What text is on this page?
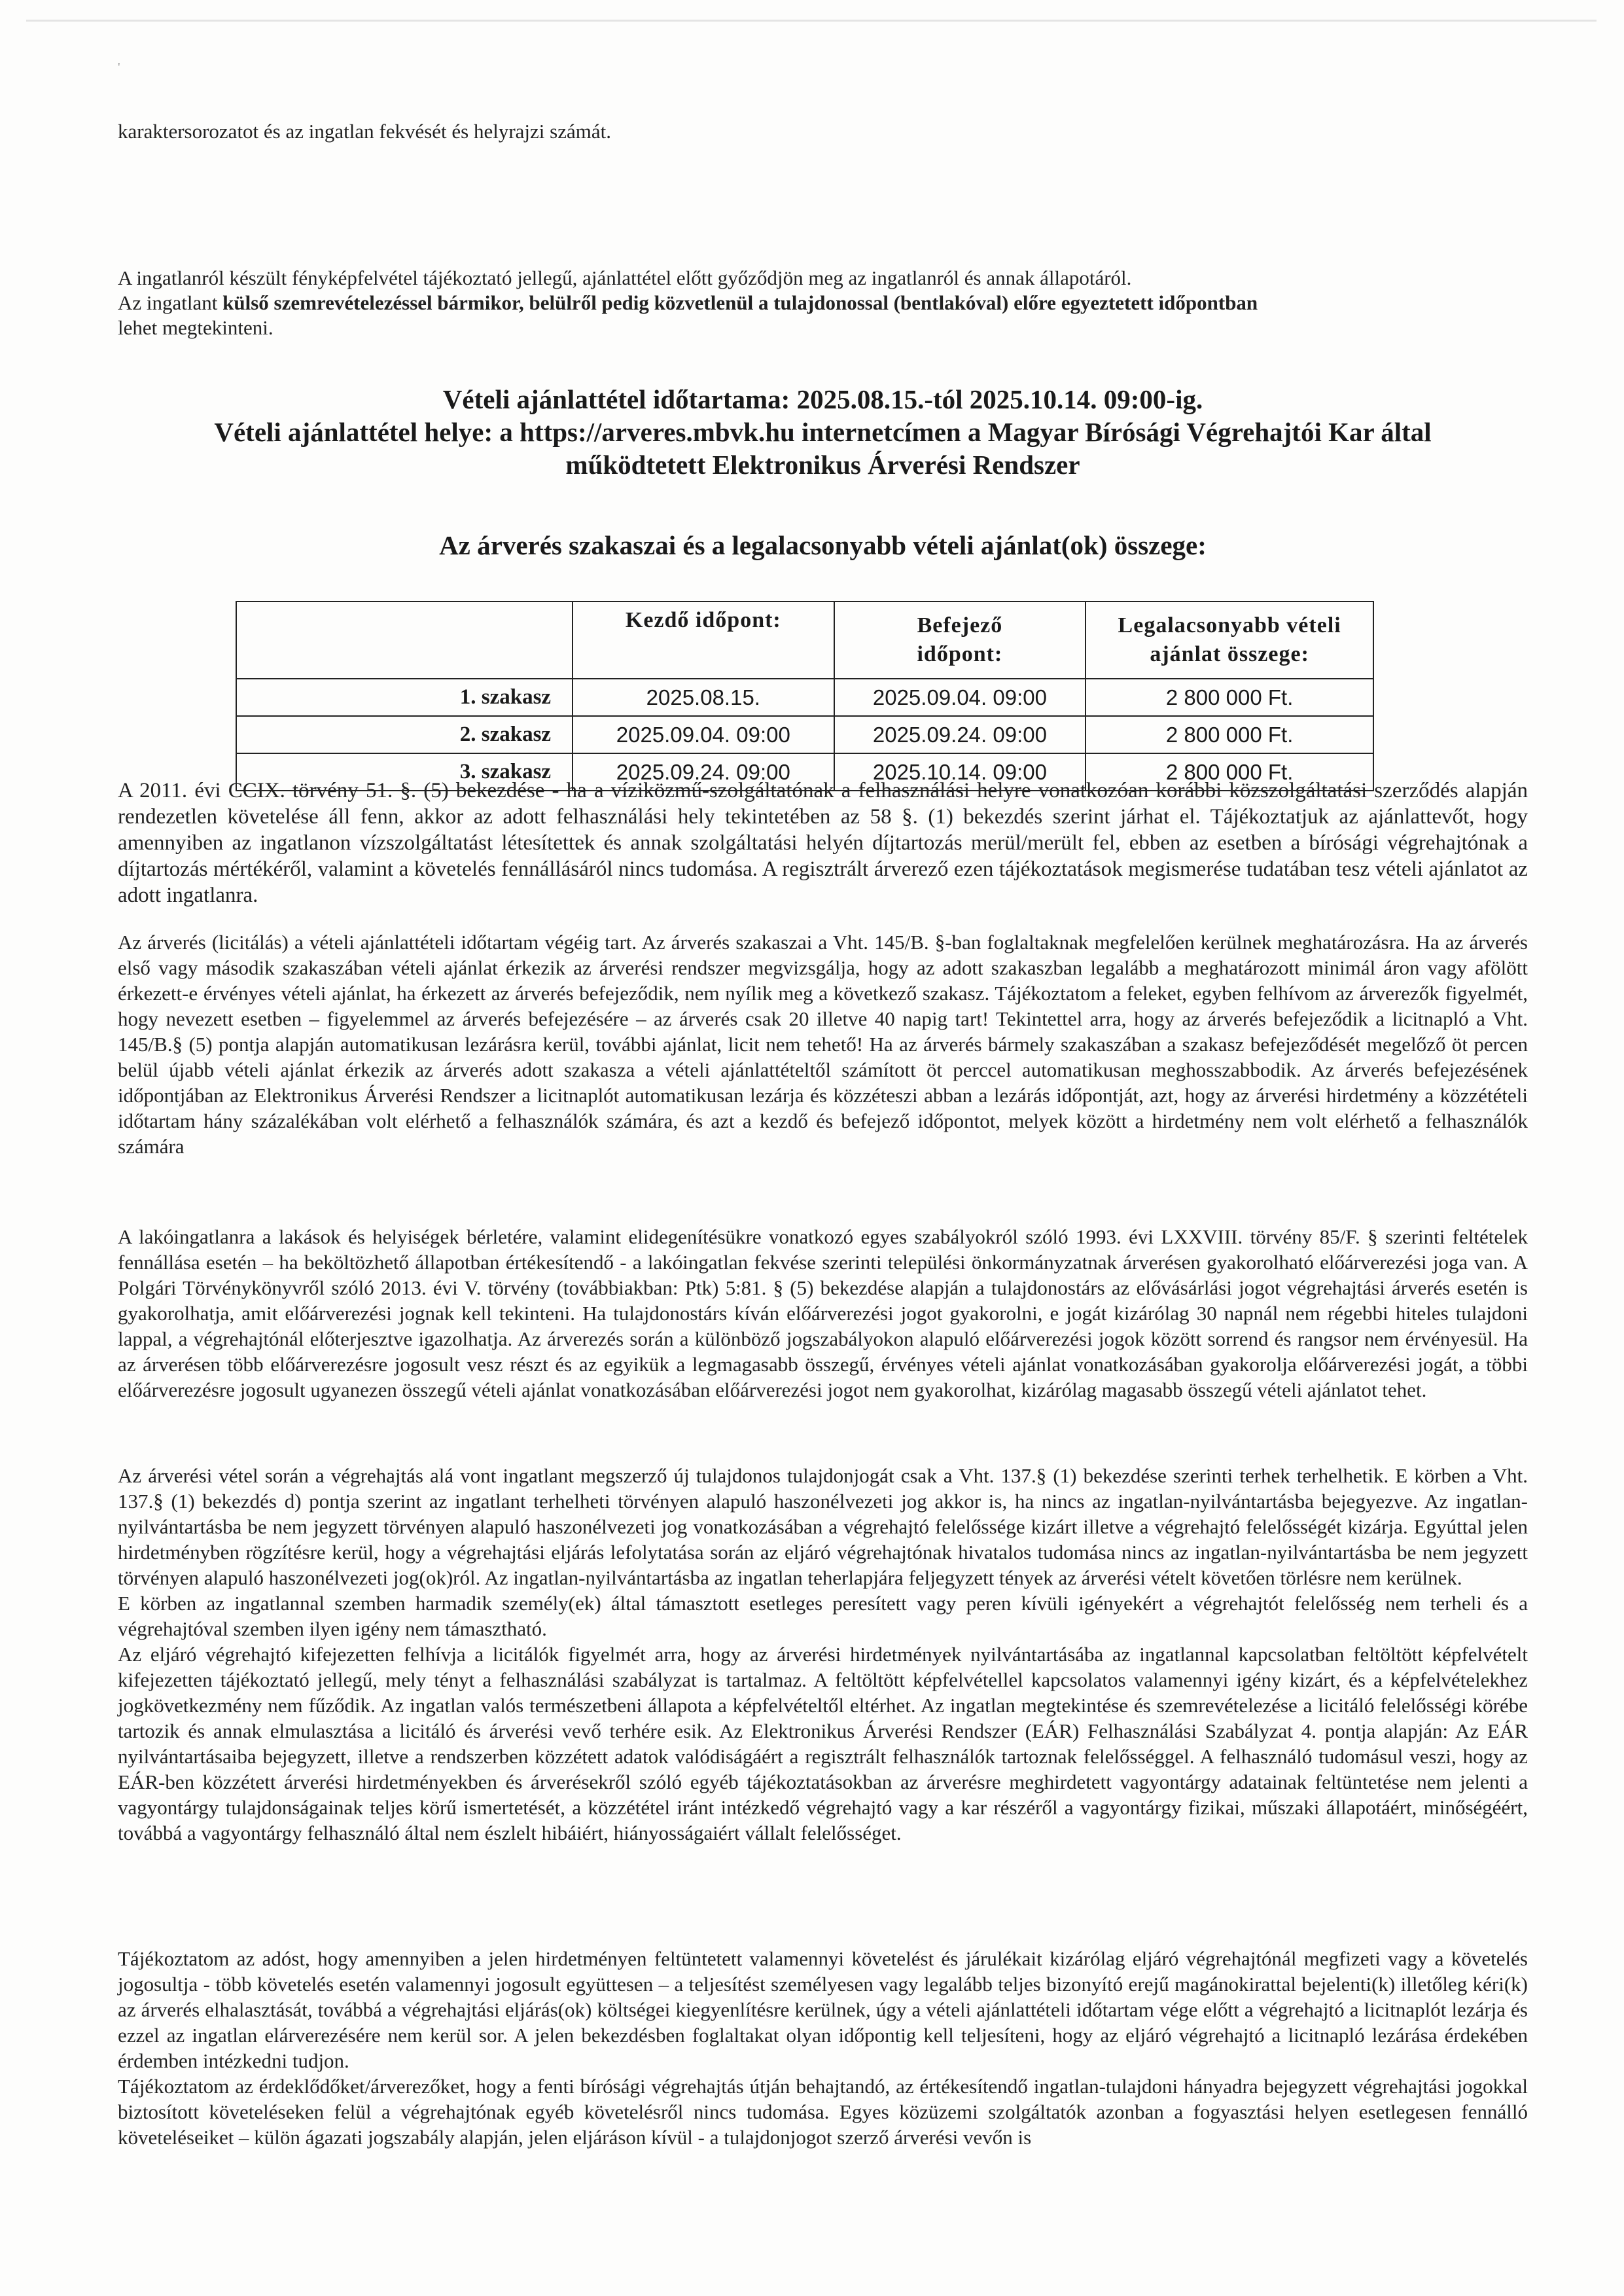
'
karaktersorozatot és az ingatlan fekvését és helyrajzi számát.
A ingatlanról készült fényképfelvétel tájékoztató jellegű, ajánlattétel előtt győződjön meg az ingatlanról és annak állapotáról.
Az ingatlant külső szemrevételezéssel bármikor, belülről pedig közvetlenül a tulajdonossal (bentlakóval) előre egyeztetett időpontban
lehet megtekinteni.
Vételi ajánlattétel időtartama: 2025.08.15.-tól 2025.10.14. 09:00-ig.
Vételi ajánlattétel helye: a https://arveres.mbvk.hu internetcímen a Magyar Bírósági Végrehajtói Kar által működtetett Elektronikus Árverési Rendszer
Az árverés szakaszai és a legalacsonyabb vételi ajánlat(ok) összege:
	Kezdő időpont:	Befejező időpont:	Legalacsonyabb vételi ajánlat összege:
1. szakasz	2025.08.15.	2025.09.04. 09:00	2 800 000 Ft.
2. szakasz	2025.09.04. 09:00	2025.09.24. 09:00	2 800 000 Ft.
3. szakasz	2025.09.24. 09:00	2025.10.14. 09:00	2 800 000 Ft.
A 2011. évi CCIX. törvény 51. §. (5) bekezdése - ha a víziközmű-szolgáltatónak a felhasználási helyre vonatkozóan korábbi közszolgáltatási szerződés alapján rendezetlen követelése áll fenn, akkor az adott felhasználási hely tekintetében az 58 §. (1) bekezdés szerint járhat el. Tájékoztatjuk az ajánlattevőt, hogy amennyiben az ingatlanon vízszolgáltatást létesítettek és annak szolgáltatási helyén díjtartozás merül/merült fel, ebben az esetben a bírósági végrehajtónak a díjtartozás mértékéről, valamint a követelés fennállásáról nincs tudomása. A regisztrált árverező ezen tájékoztatások megismerése tudatában tesz vételi ajánlatot az adott ingatlanra.
Az árverés (licitálás) a vételi ajánlattételi időtartam végéig tart. Az árverés szakaszai a Vht. 145/B. §-ban foglaltaknak megfelelően kerülnek meghatározásra. Ha az árverés első vagy második szakaszában vételi ajánlat érkezik az árverési rendszer megvizsgálja, hogy az adott szakaszban legalább a meghatározott minimál áron vagy afölött érkezett-e érvényes vételi ajánlat, ha érkezett az árverés befejeződik, nem nyílik meg a következő szakasz. Tájékoztatom a feleket, egyben felhívom az árverezők figyelmét, hogy nevezett esetben – figyelemmel az árverés befejezésére – az árverés csak 20 illetve 40 napig tart! Tekintettel arra, hogy az árverés befejeződik a licitnapló a Vht. 145/B.§ (5) pontja alapján automatikusan lezárásra kerül, további ajánlat, licit nem tehető! Ha az árverés bármely szakaszában a szakasz befejeződését megelőző öt percen belül újabb vételi ajánlat érkezik az árverés adott szakasza a vételi ajánlattételtől számított öt perccel automatikusan meghosszabbodik. Az árverés befejezésének időpontjában az Elektronikus Árverési Rendszer a licitnaplót automatikusan lezárja és közzéteszi abban a lezárás időpontját, azt, hogy az árverési hirdetmény a közzétételi időtartam hány százalékában volt elérhető a felhasználók számára, és azt a kezdő és befejező időpontot, melyek között a hirdetmény nem volt elérhető a felhasználók számára
A lakóingatlanra a lakások és helyiségek bérletére, valamint elidegenítésükre vonatkozó egyes szabályokról szóló 1993. évi LXXVIII. törvény 85/F. § szerinti feltételek fennállása esetén – ha beköltözhető állapotban értékesítendő - a lakóingatlan fekvése szerinti települési önkormányzatnak árverésen gyakorolható előárverezési joga van. A Polgári Törvénykönyvről szóló 2013. évi V. törvény (továbbiakban: Ptk) 5:81. § (5) bekezdése alapján a tulajdonostárs az elővásárlási jogot végrehajtási árverés esetén is gyakorolhatja, amit előárverezési jognak kell tekinteni. Ha tulajdonostárs kíván előárverezési jogot gyakorolni, e jogát kizárólag 30 napnál nem régebbi hiteles tulajdoni lappal, a végrehajtónál előterjesztve igazolhatja. Az árverezés során a különböző jogszabályokon alapuló előárverezési jogok között sorrend és rangsor nem érvényesül. Ha az árverésen több előárverezésre jogosult vesz részt és az egyikük a legmagasabb összegű, érvényes vételi ajánlat vonatkozásában gyakorolja előárverezési jogát, a többi előárverezésre jogosult ugyanezen összegű vételi ajánlat vonatkozásában előárverezési jogot nem gyakorolhat, kizárólag magasabb összegű vételi ajánlatot tehet.
Az árverési vétel során a végrehajtás alá vont ingatlant megszerző új tulajdonos tulajdonjogát csak a Vht. 137.§ (1) bekezdése szerinti terhek terhelhetik. E körben a Vht. 137.§ (1) bekezdés d) pontja szerint az ingatlant terhelheti törvényen alapuló haszonélvezeti jog akkor is, ha nincs az ingatlan-nyilvántartásba bejegyezve. Az ingatlan-nyilvántartásba be nem jegyzett törvényen alapuló haszonélvezeti jog vonatkozásában a végrehajtó felelőssége kizárt illetve a végrehajtó felelősségét kizárja. Egyúttal jelen hirdetményben rögzítésre kerül, hogy a végrehajtási eljárás lefolytatása során az eljáró végrehajtónak hivatalos tudomása nincs az ingatlan-nyilvántartásba be nem jegyzett törvényen alapuló haszonélvezeti jog(ok)ról. Az ingatlan-nyilvántartásba az ingatlan teherlapjára feljegyzett tények az árverési vételt követően törlésre nem kerülnek.
E körben az ingatlannal szemben harmadik személy(ek) által támasztott esetleges peresített vagy peren kívüli igényekért a végrehajtót felelősség nem terheli és a végrehajtóval szemben ilyen igény nem támasztható.
Az eljáró végrehajtó kifejezetten felhívja a licitálók figyelmét arra, hogy az árverési hirdetmények nyilvántartásába az ingatlannal kapcsolatban feltöltött képfelvételt kifejezetten tájékoztató jellegű, mely tényt a felhasználási szabályzat is tartalmaz. A feltöltött képfelvétellel kapcsolatos valamennyi igény kizárt, és a képfelvételekhez jogkövetkezmény nem fűződik. Az ingatlan valós természetbeni állapota a képfelvételtől eltérhet. Az ingatlan megtekintése és szemrevételezése a licitáló felelősségi körébe tartozik és annak elmulasztása a licitáló és árverési vevő terhére esik. Az Elektronikus Árverési Rendszer (EÁR) Felhasználási Szabályzat 4. pontja alapján: Az EÁR nyilvántartásaiba bejegyzett, illetve a rendszerben közzétett adatok valódiságáért a regisztrált felhasználók tartoznak felelősséggel. A felhasználó tudomásul veszi, hogy az EÁR-ben közzétett árverési hirdetményekben és árverésekről szóló egyéb tájékoztatásokban az árverésre meghirdetett vagyontárgy adatainak feltüntetése nem jelenti a vagyontárgy tulajdonságainak teljes körű ismertetését, a közzététel iránt intézkedő végrehajtó vagy a kar részéről a vagyontárgy fizikai, műszaki állapotáért, minőségéért, továbbá a vagyontárgy felhasználó által nem észlelt hibáiért, hiányosságaiért vállalt felelősséget.
Tájékoztatom az adóst, hogy amennyiben a jelen hirdetményen feltüntetett valamennyi követelést és járulékait kizárólag eljáró végrehajtónál megfizeti vagy a követelés jogosultja - több követelés esetén valamennyi jogosult együttesen – a teljesítést személyesen vagy legalább teljes bizonyító erejű magánokirattal bejelenti(k) illetőleg kéri(k) az árverés elhalasztását, továbbá a végrehajtási eljárás(ok) költségei kiegyenlítésre kerülnek, úgy a vételi ajánlattételi időtartam vége előtt a végrehajtó a licitnaplót lezárja és ezzel az ingatlan elárverezésére nem kerül sor. A jelen bekezdésben foglaltakat olyan időpontig kell teljesíteni, hogy az eljáró végrehajtó a licitnapló lezárása érdekében érdemben intézkedni tudjon.
Tájékoztatom az érdeklődőket/árverezőket, hogy a fenti bírósági végrehajtás útján behajtandó, az értékesítendő ingatlan-tulajdoni hányadra bejegyzett végrehajtási jogokkal biztosított követeléseken felül a végrehajtónak egyéb követelésről nincs tudomása. Egyes közüzemi szolgáltatók azonban a fogyasztási helyen esetlegesen fennálló követeléseiket – külön ágazati jogszabály alapján, jelen eljáráson kívül - a tulajdonjogot szerző árverési vevőn is
